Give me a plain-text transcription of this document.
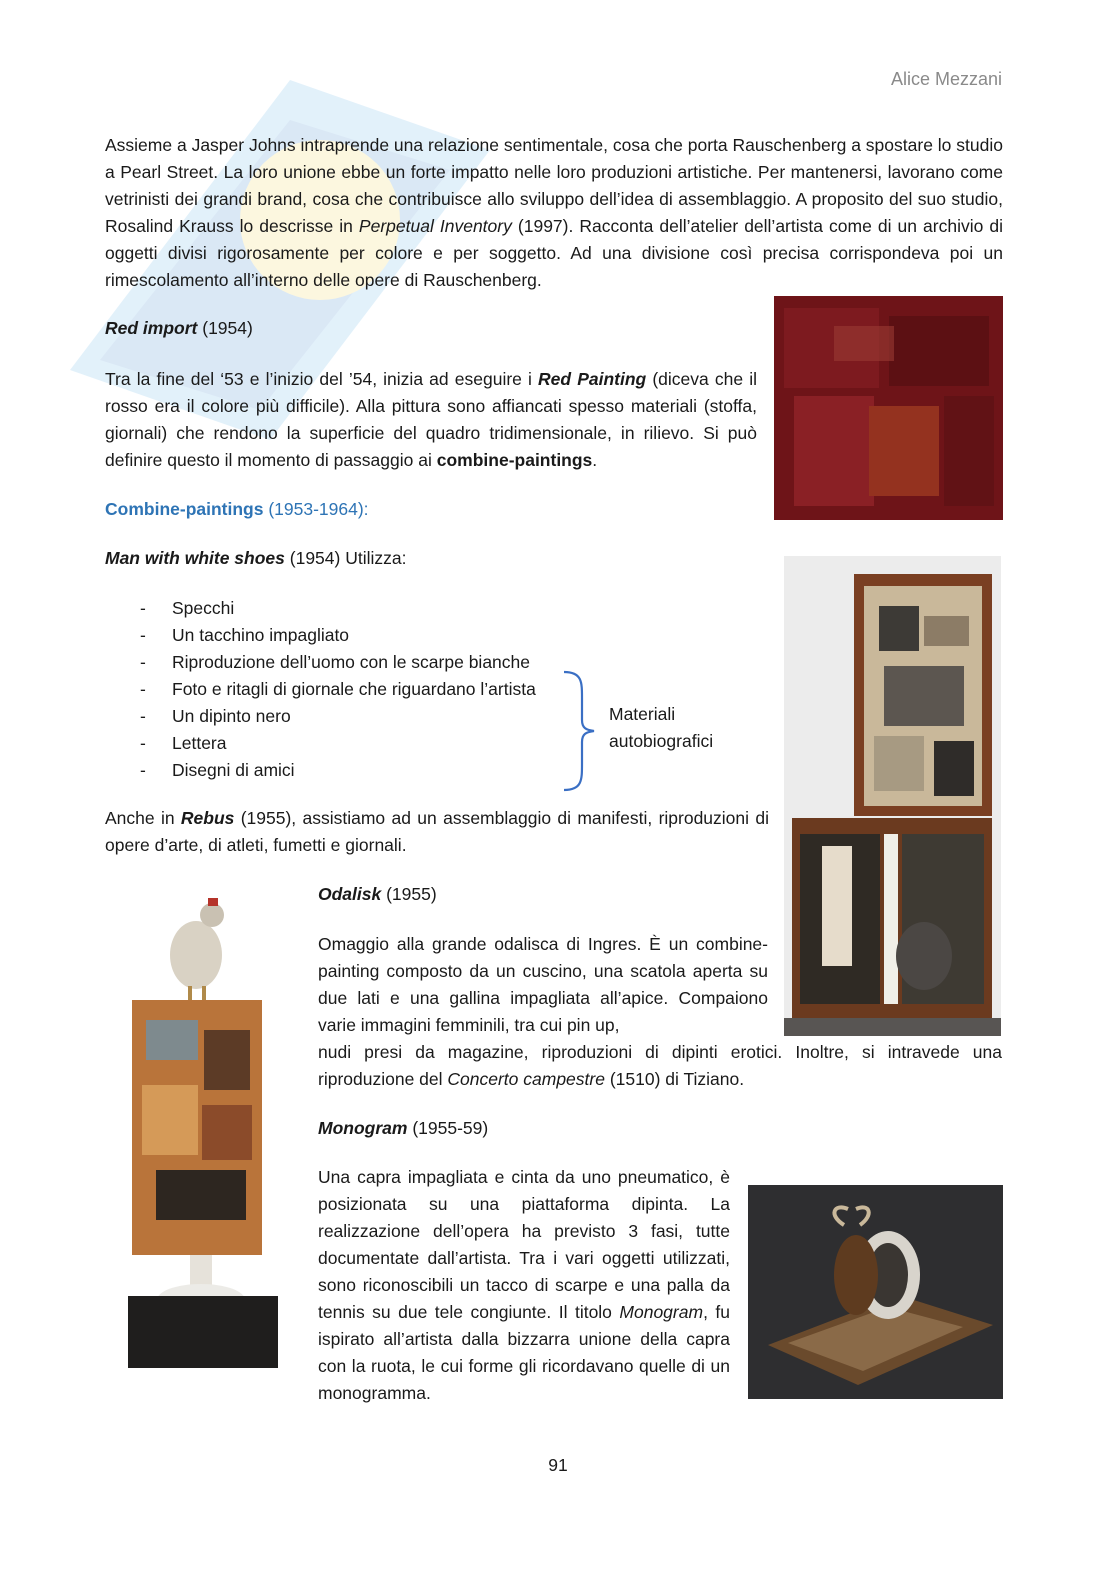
Alice Mezzani
Assieme a Jasper Johns intraprende una relazione sentimentale, cosa che porta Rauschenberg a spostare lo studio a Pearl Street. La loro unione ebbe un forte impatto nelle loro produzioni artistiche. Per mantenersi, lavorano come vetrinisti dei grandi brand, cosa che contribuisce allo sviluppo dell’idea di assemblaggio. A proposito del suo studio, Rosalind Krauss lo descrisse in Perpetual Inventory (1997). Racconta dell’atelier dell’artista come di un archivio di oggetti divisi rigorosamente per colore e per soggetto. Ad una divisione così precisa corrispondeva poi un rimescolamento all’interno delle opere di Rauschenberg.
Red import (1954)
Tra la fine del ‘53 e l’inizio del ’54, inizia ad eseguire i Red Painting (diceva che il rosso era il colore più difficile). Alla pittura sono affiancati spesso materiali (stoffa, giornali) che rendono la superficie del quadro tridimensionale, in rilievo. Si può definire questo il momento di passaggio ai combine-paintings.
Combine-paintings (1953-1964):
Man with white shoes (1954) Utilizza:
- Specchi
- Un tacchino impagliato
- Riproduzione dell’uomo con le scarpe bianche
- Foto e ritagli di giornale che riguardano l’artista
- Un dipinto nero
- Lettera
- Disegni di amici
Materiali
autobiografici
Anche in Rebus (1955), assistiamo ad un assemblaggio di manifesti, riproduzioni di opere d’arte, di atleti, fumetti e giornali.
Odalisk (1955)
Omaggio alla grande odalisca di Ingres. È un combine-painting composto da un cuscino, una scatola aperta su due lati e una gallina impagliata all’apice. Compaiono varie immagini femminili, tra cui pin up,
nudi presi da magazine, riproduzioni di dipinti erotici. Inoltre, si intravede una riproduzione del Concerto campestre (1510) di Tiziano.
Monogram (1955-59)
Una capra impagliata e cinta da uno pneumatico, è posizionata su una piattaforma dipinta. La realizzazione dell’opera ha previsto 3 fasi, tutte documentate dall’artista. Tra i vari oggetti utilizzati, sono riconoscibili un tacco di scarpe e una palla da tennis su due tele congiunte. Il titolo Monogram, fu ispirato all’artista dalla bizzarra unione della capra con la ruota, le cui forme gli ricordavano quelle di un monogramma.
91
